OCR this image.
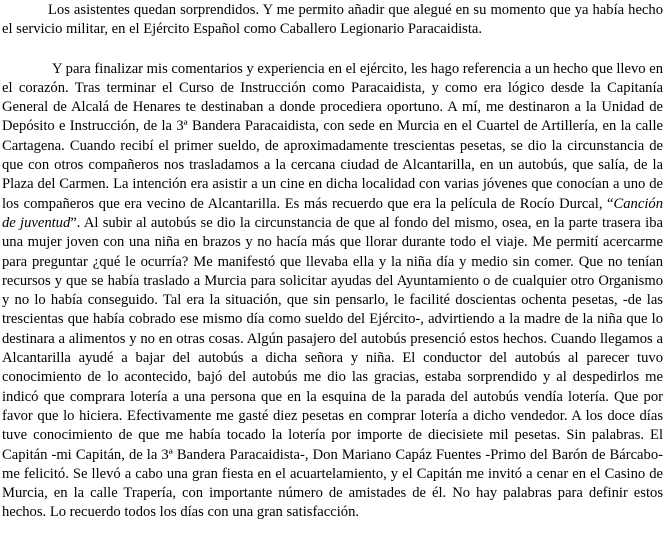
Los asistentes quedan sorprendidos. Y me permito añadir que alegué en su momento que ya había hecho el servicio militar, en el Ejército Español como Caballero Legionario Paracaidista.

Y para finalizar mis comentarios y experiencia en el ejército, les hago referencia a un hecho que llevo en el corazón. Tras terminar el Curso de Instrucción como Paracaidista, y como era lógico desde la Capitanía General de Alcalá de Henares te destinaban a donde procediera oportuno. A mí, me destinaron a la Unidad de Depósito e Instrucción, de la 3ª Bandera Paracaidista, con sede en Murcia en el Cuartel de Artillería, en la calle Cartagena. Cuando recibí el primer sueldo, de aproximadamente trescientas pesetas, se dio la circunstancia de que con otros compañeros nos trasladamos a la cercana ciudad de Alcantarilla, en un autobús, que salía, de la Plaza del Carmen. La intención era asistir a un cine en dicha localidad con varias jóvenes que conocían a uno de los compañeros que era vecino de Alcantarilla. Es más recuerdo que era la película de Rocío Durcal, “Canción de juventud”. Al subir al autobús se dio la circunstancia de que al fondo del mismo, osea, en la parte trasera iba una mujer joven con una niña en brazos y no hacía más que llorar durante todo el viaje. Me permití acercarme para preguntar ¿qué le ocurría? Me manifestó que llevaba ella y la niña día y medio sin comer. Que no tenían recursos y que se había traslado a Murcia para solicitar ayudas del Ayuntamiento o de cualquier otro Organismo y no lo había conseguido. Tal era la situación, que sin pensarlo, le facilité doscientas ochenta pesetas, -de las trescientas que había cobrado ese mismo día como sueldo del Ejército-, advirtiendo a la madre de la niña que lo destinara a alimentos y no en otras cosas. Algún pasajero del autobús presenció estos hechos. Cuando llegamos a Alcantarilla ayudé a bajar del autobús a dicha señora y niña. El conductor del autobús al parecer tuvo conocimiento de lo acontecido, bajó del autobús me dio las gracias, estaba sorprendido y al despedirlos me indicó que comprara lotería a una persona que en la esquina de la parada del autobús vendía lotería. Que por favor que lo hiciera. Efectivamente me gasté diez pesetas en comprar lotería a dicho vendedor. A los doce días tuve conocimiento de que me había tocado la lotería por importe de diecisiete mil pesetas. Sin palabras. El Capitán -mi Capitán, de la 3ª Bandera Paracaidista-, Don Mariano Capáz Fuentes -Primo del Barón de Bárcabo- me felicitó. Se llevó a cabo una gran fiesta en el acuartelamiento, y el Capitán me invitó a cenar en el Casino de Murcia, en la calle Trapería, con importante número de amistades de él. No hay palabras para definir estos hechos. Lo recuerdo todos los días con una gran satisfacción.
